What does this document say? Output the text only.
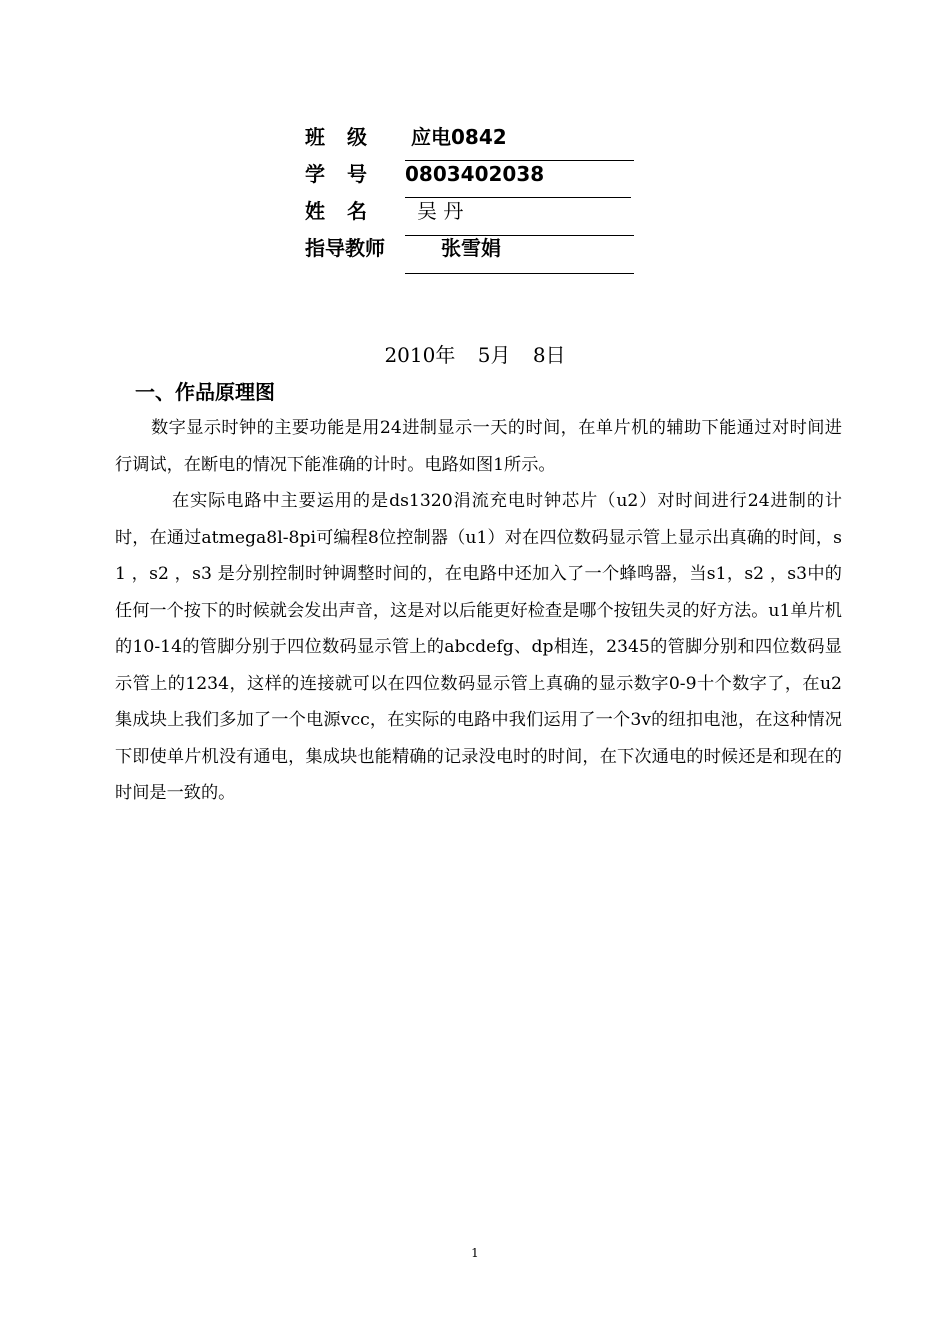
班级 应电0842
学号 0803402038
姓名 吴 丹
指导教师	张雪娟
2010年 5月 8日
一、作品原理图
数字显示时钟的主要功能是用24进制显示一天的时间，在单片机的辅助下能通过对时间进行调试，在断电的情况下能准确的计时。电路如图1所示。
在实际电路中主要运用的是ds1320涓流充电时钟芯片（u2）对时间进行24进制的计时，在通过atmega8l-8pi可编程8位控制器（u1）对在四位数码显示管上显示出真确的时间，s1 ，s2 ，s3 是分别控制时钟调整时间的，在电路中还加入了一个蜂鸣器，当s1，s2 ，s3中的任何一个按下的时候就会发出声音，这是对以后能更好检查是哪个按钮失灵的好方法。u1单片机的10-14的管脚分别于四位数码显示管上的abcdefg、dp相连，2345的管脚分别和四位数码显示管上的1234，这样的连接就可以在四位数码显示管上真确的显示数字0-9十个数字了，在u2集成块上我们多加了一个电源vcc，在实际的电路中我们运用了一个3v的纽扣电池，在这种情况下即使单片机没有通电，集成块也能精确的记录没电时的时间，在下次通电的时候还是和现在的时间是一致的。
1
